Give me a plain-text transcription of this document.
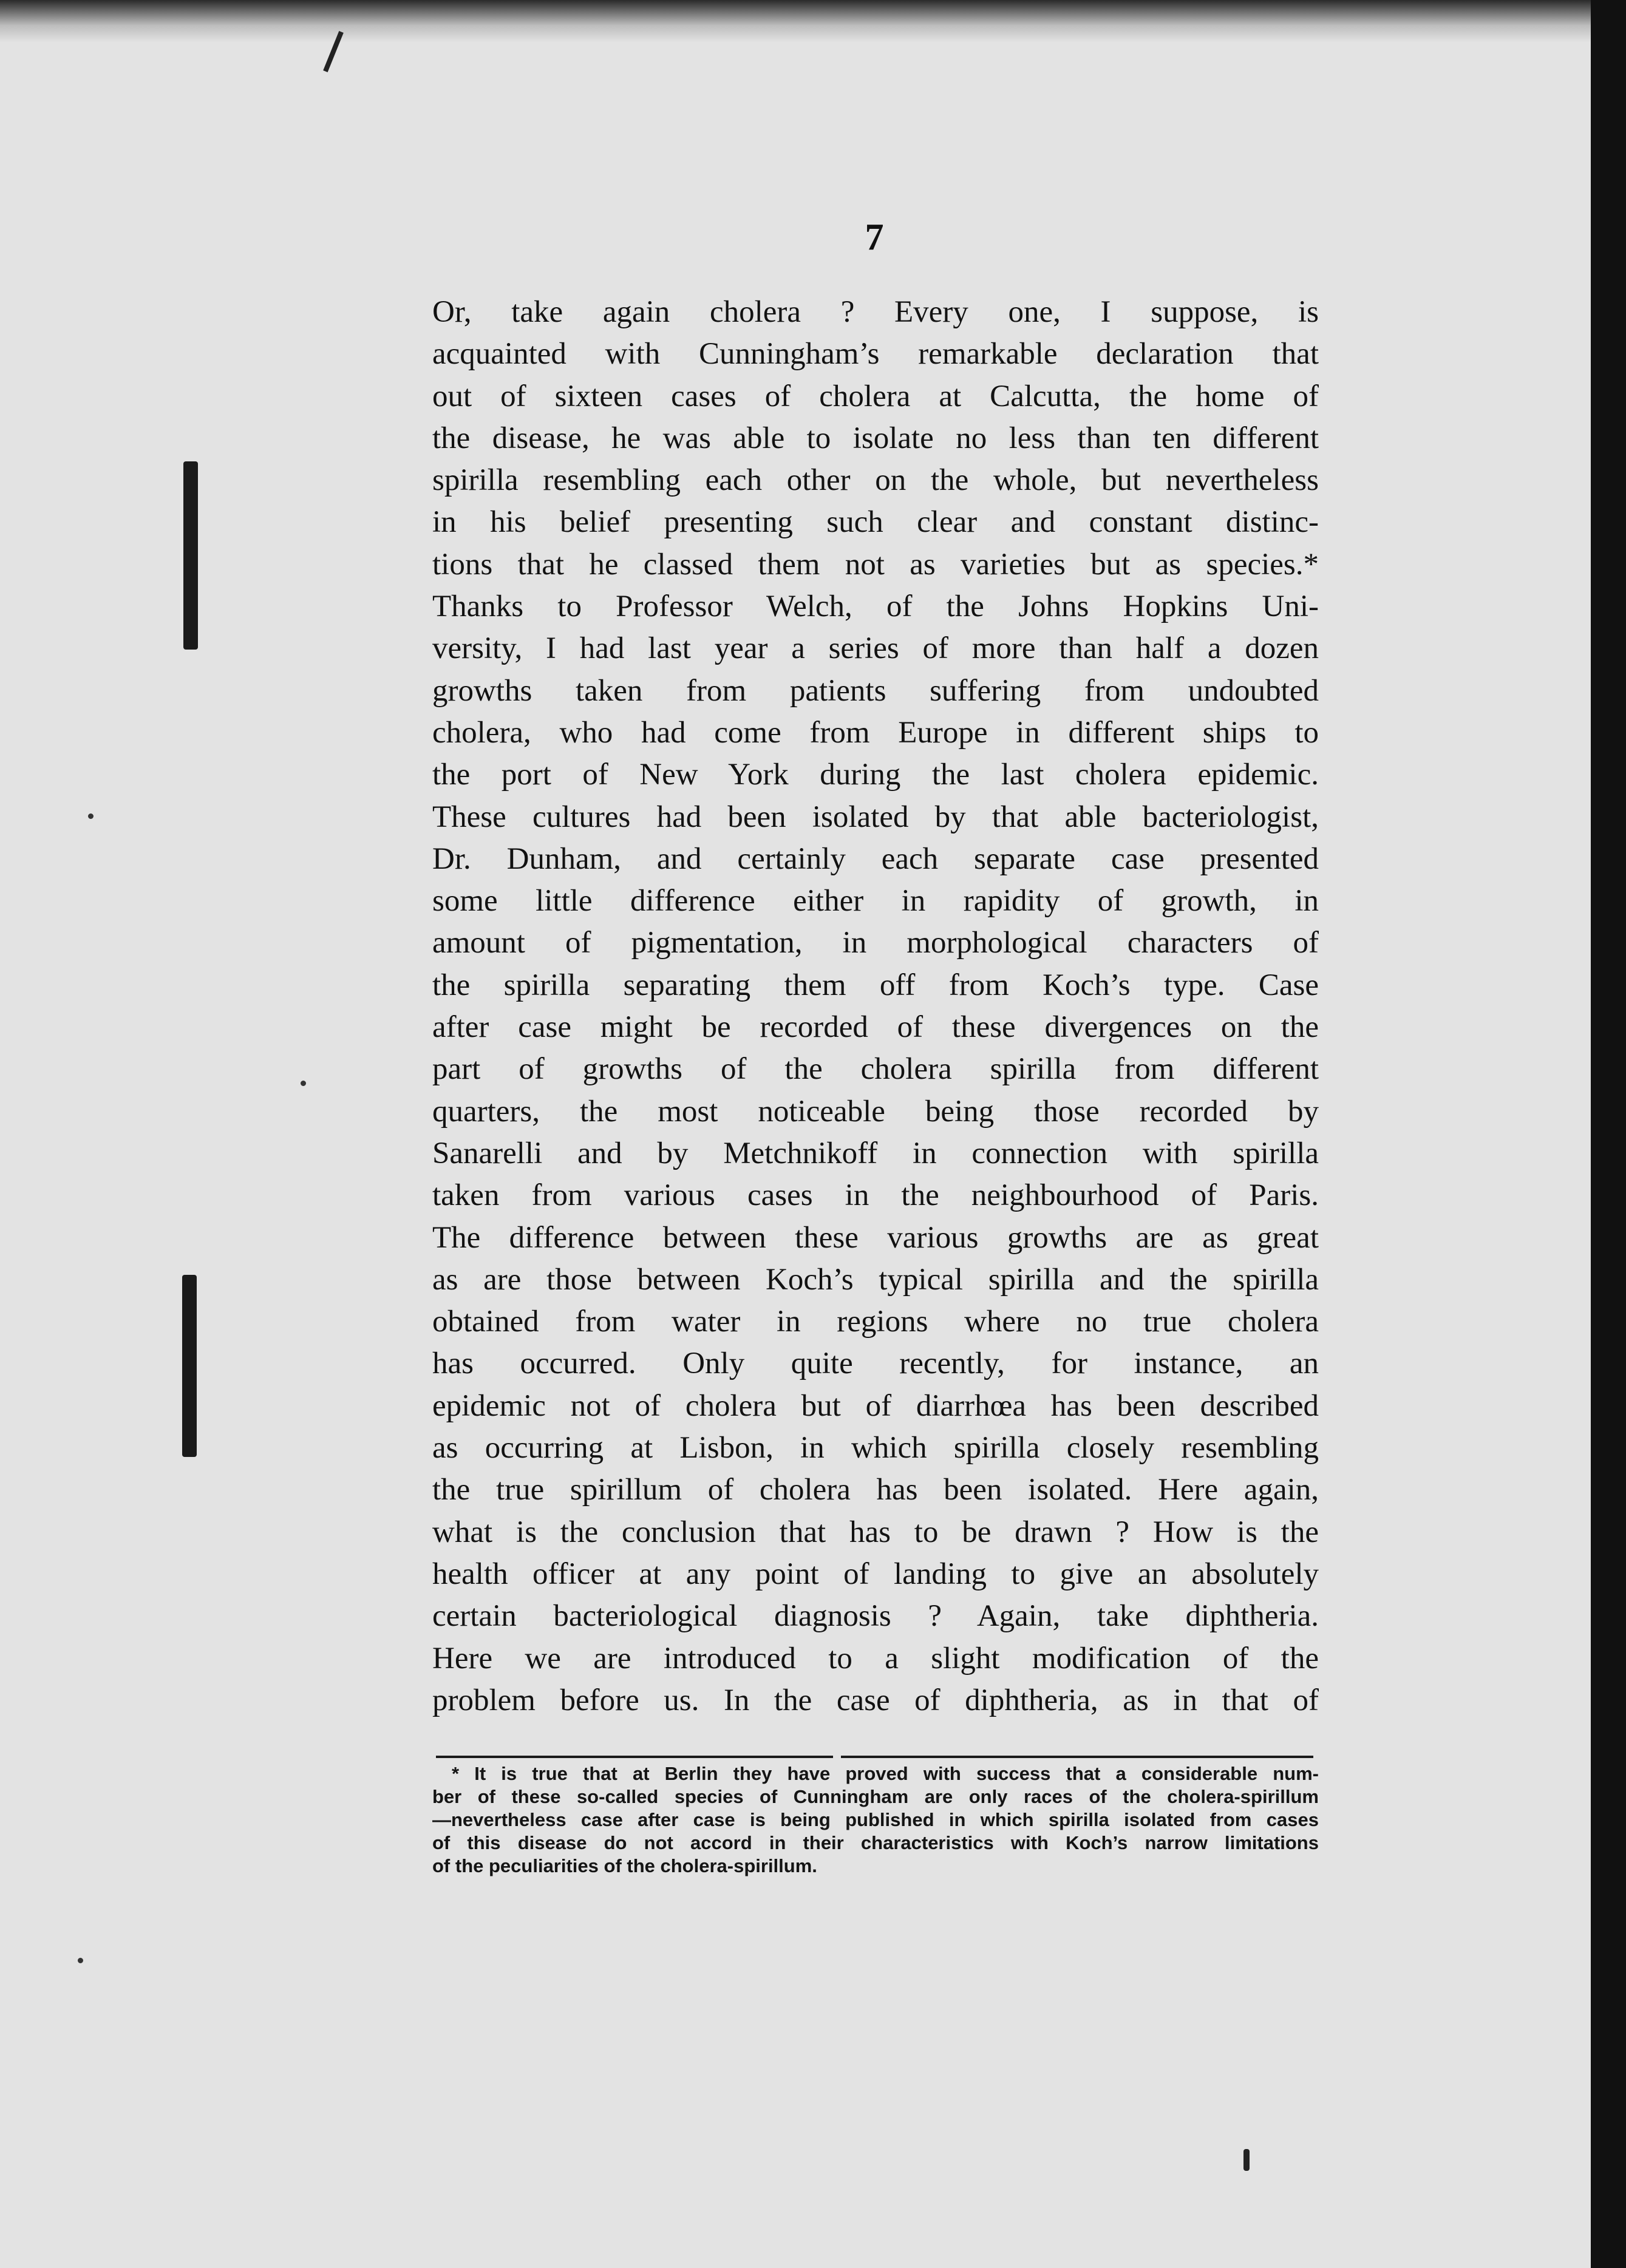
7
Or, take again cholera ? Every one, I suppose, is
acquainted with Cunningham’s remarkable declaration that
out of sixteen cases of cholera at Calcutta, the home of
the disease, he was able to isolate no less than ten different
spirilla resembling each other on the whole, but nevertheless
in his belief presenting such clear and constant distinc-
tions that he classed them not as varieties but as species.*
Thanks to Professor Welch, of the Johns Hopkins Uni-
versity, I had last year a series of more than half a dozen
growths taken from patients suffering from undoubted
cholera, who had come from Europe in different ships to
the port of New York during the last cholera epidemic.
These cultures had been isolated by that able bacteriologist,
Dr. Dunham, and certainly each separate case presented
some little difference either in rapidity of growth, in
amount of pigmentation, in morphological characters of
the spirilla separating them off from Koch’s type. Case
after case might be recorded of these divergences on the
part of growths of the cholera spirilla from different
quarters, the most noticeable being those recorded by
Sanarelli and by Metchnikoff in connection with spirilla
taken from various cases in the neighbourhood of Paris.
The difference between these various growths are as great
as are those between Koch’s typical spirilla and the spirilla
obtained from water in regions where no true cholera
has occurred. Only quite recently, for instance, an
epidemic not of cholera but of diarrhœa has been described
as occurring at Lisbon, in which spirilla closely resembling
the true spirillum of cholera has been isolated. Here again,
what is the conclusion that has to be drawn ? How is the
health officer at any point of landing to give an absolutely
certain bacteriological diagnosis ? Again, take diphtheria.
Here we are introduced to a slight modification of the
problem before us. In the case of diphtheria, as in that of
* It is true that at Berlin they have proved with success that a considerable num-
ber of these so-called species of Cunningham are only races of the cholera-spirillum
—nevertheless case after case is being published in which spirilla isolated from cases
of this disease do not accord in their characteristics with Koch’s narrow limitations
of the peculiarities of the cholera-spirillum.
